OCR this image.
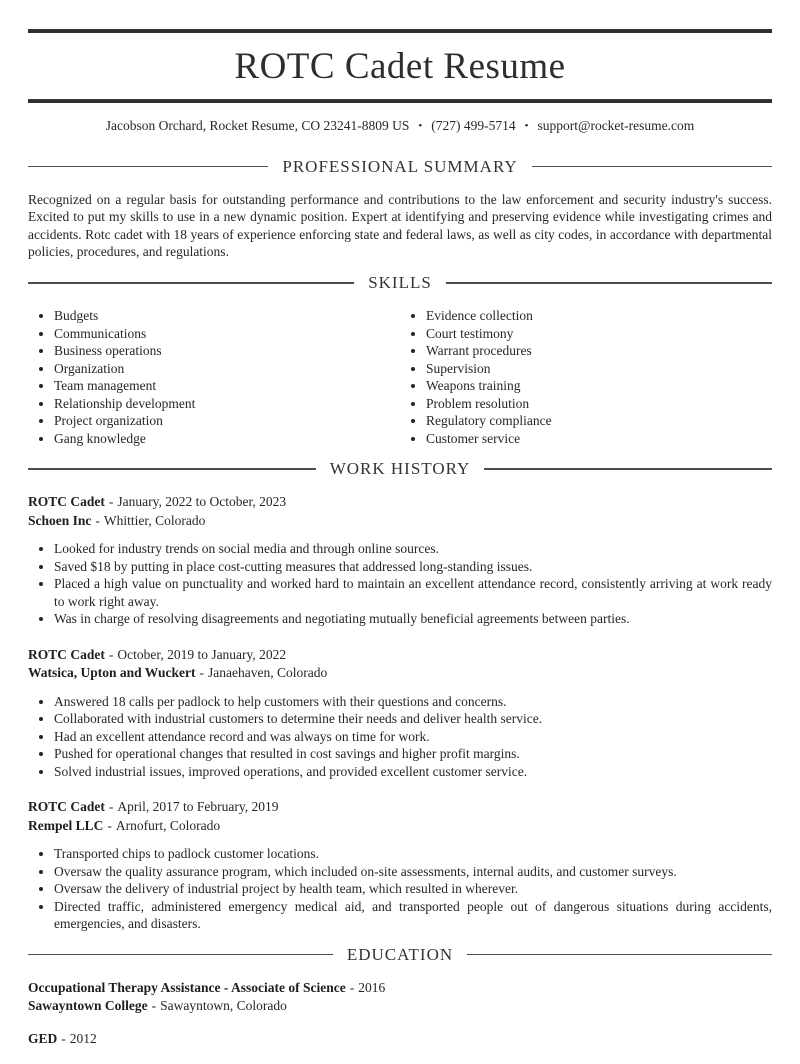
ROTC Cadet Resume
Jacobson Orchard, Rocket Resume, CO 23241-8809 US • (727) 499-5714 • support@rocket-resume.com
PROFESSIONAL SUMMARY

Recognized on a regular basis for outstanding performance and contributions to the law enforcement and security industry's success. Excited to put my skills to use in a new dynamic position. Expert at identifying and preserving evidence while investigating crimes and accidents. Rotc cadet with 18 years of experience enforcing state and federal laws, as well as city codes, in accordance with departmental policies, procedures, and regulations.

SKILLS
• Budgets
• Communications
• Business operations
• Organization
• Team management
• Relationship development
• Project organization
• Gang knowledge
• Evidence collection
• Court testimony
• Warrant procedures
• Supervision
• Weapons training
• Problem resolution
• Regulatory compliance
• Customer service
WORK HISTORY

ROTC Cadet - January, 2022 to October, 2023

Schoen Inc - Whittier, Colorado

• Looked for industry trends on social media and through online sources.
• Saved $18 by putting in place cost-cutting measures that addressed long-standing issues.
• Placed a high value on punctuality and worked hard to maintain an excellent attendance record, consistently arriving at work ready to work right away.
• Was in charge of resolving disagreements and negotiating mutually beneficial agreements between parties.

ROTC Cadet - October, 2019 to January, 2022

Watsica, Upton and Wuckert - Janaehaven, Colorado

• Answered 18 calls per padlock to help customers with their questions and concerns.
• Collaborated with industrial customers to determine their needs and deliver health service.
• Had an excellent attendance record and was always on time for work.
• Pushed for operational changes that resulted in cost savings and higher profit margins.
• Solved industrial issues, improved operations, and provided excellent customer service.

ROTC Cadet - April, 2017 to February, 2019

Rempel LLC - Arnofurt, Colorado

• Transported chips to padlock customer locations.
• Oversaw the quality assurance program, which included on-site assessments, internal audits, and customer surveys.
• Oversaw the delivery of industrial project by health team, which resulted in wherever.
• Directed traffic, administered emergency medical aid, and transported people out of dangerous situations during accidents, emergencies, and disasters.
EDUCATION

Occupational Therapy Assistance - Associate of Science - 2016

Sawayntown College - Sawayntown, Colorado

GED - 2012
